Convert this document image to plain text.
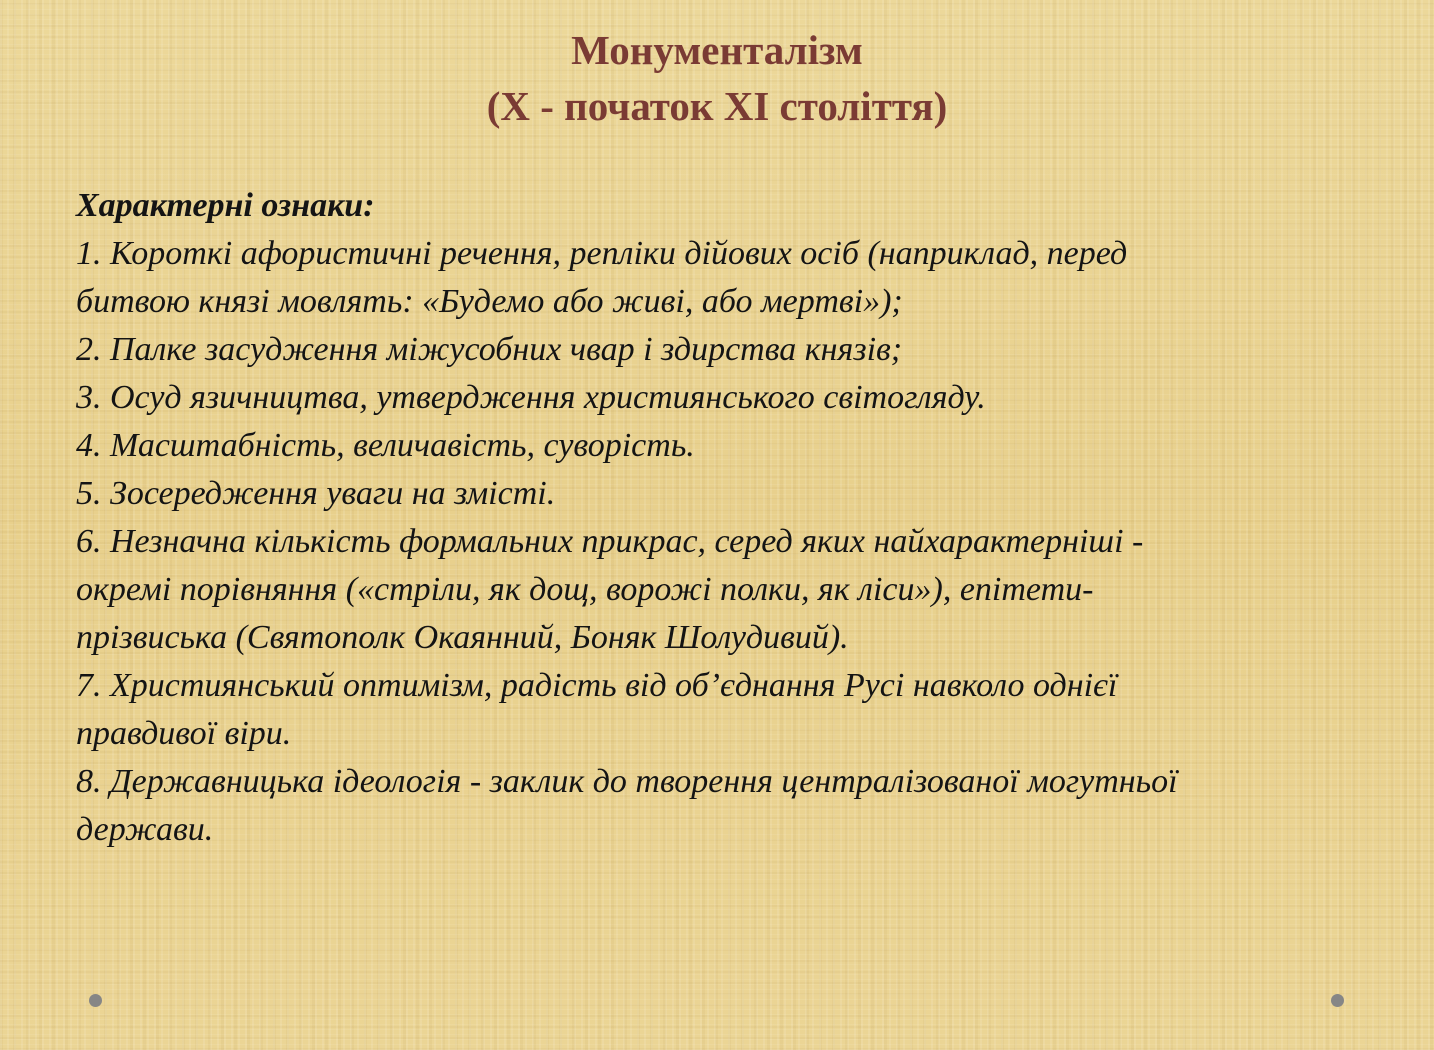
Монументалізм
(X - початок XI століття)
Характерні ознаки:
1. Короткі афористичні речення, репліки дійових осіб (наприклад, перед
битвою князі мовлять: «Будемо або живі, або мертві»);
2. Палке засудження міжусобних чвар і здирства князів;
3. Осуд язичництва, утвердження християнського світогляду.
4. Масштабність, величавість, суворість.
5. Зосередження уваги на змісті.
6. Незначна кількість формальних прикрас, серед яких найхарактерніші -
окремі порівняння («стріли, як дощ, ворожі полки, як ліси»), епітети-
прізвиська (Святополк Окаянний, Боняк Шолудивий).
7. Християнський оптимізм, радість від об’єднання Русі навколо однієї
правдивої віри.
8. Державницька ідеологія - заклик до творення централізованої могутньої
держави.
